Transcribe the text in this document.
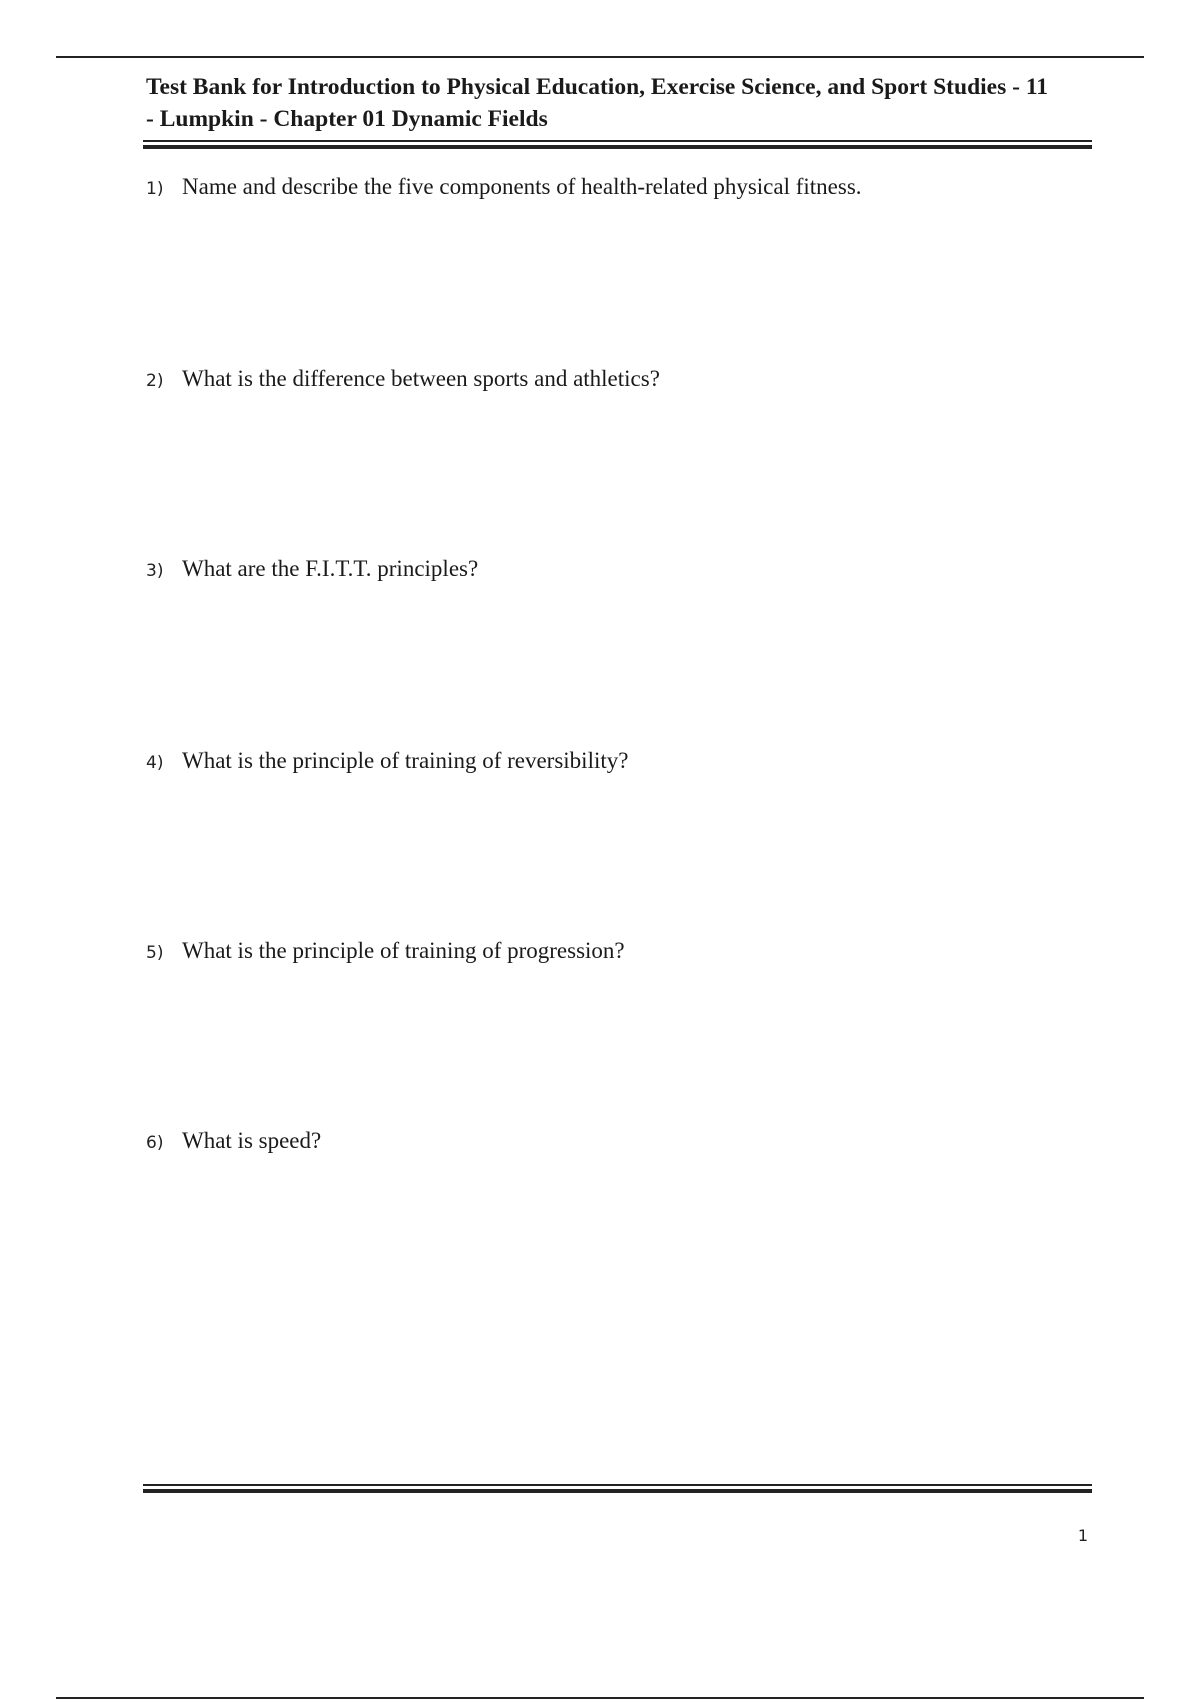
Test Bank for Introduction to Physical Education, Exercise Science, and Sport Studies - 11
- Lumpkin - Chapter 01 Dynamic Fields
1) Name and describe the five components of health-related physical fitness.
2) What is the difference between sports and athletics?
3) What are the F.I.T.T. principles?
4) What is the principle of training of reversibility?
5) What is the principle of training of progression?
6) What is speed?
1
